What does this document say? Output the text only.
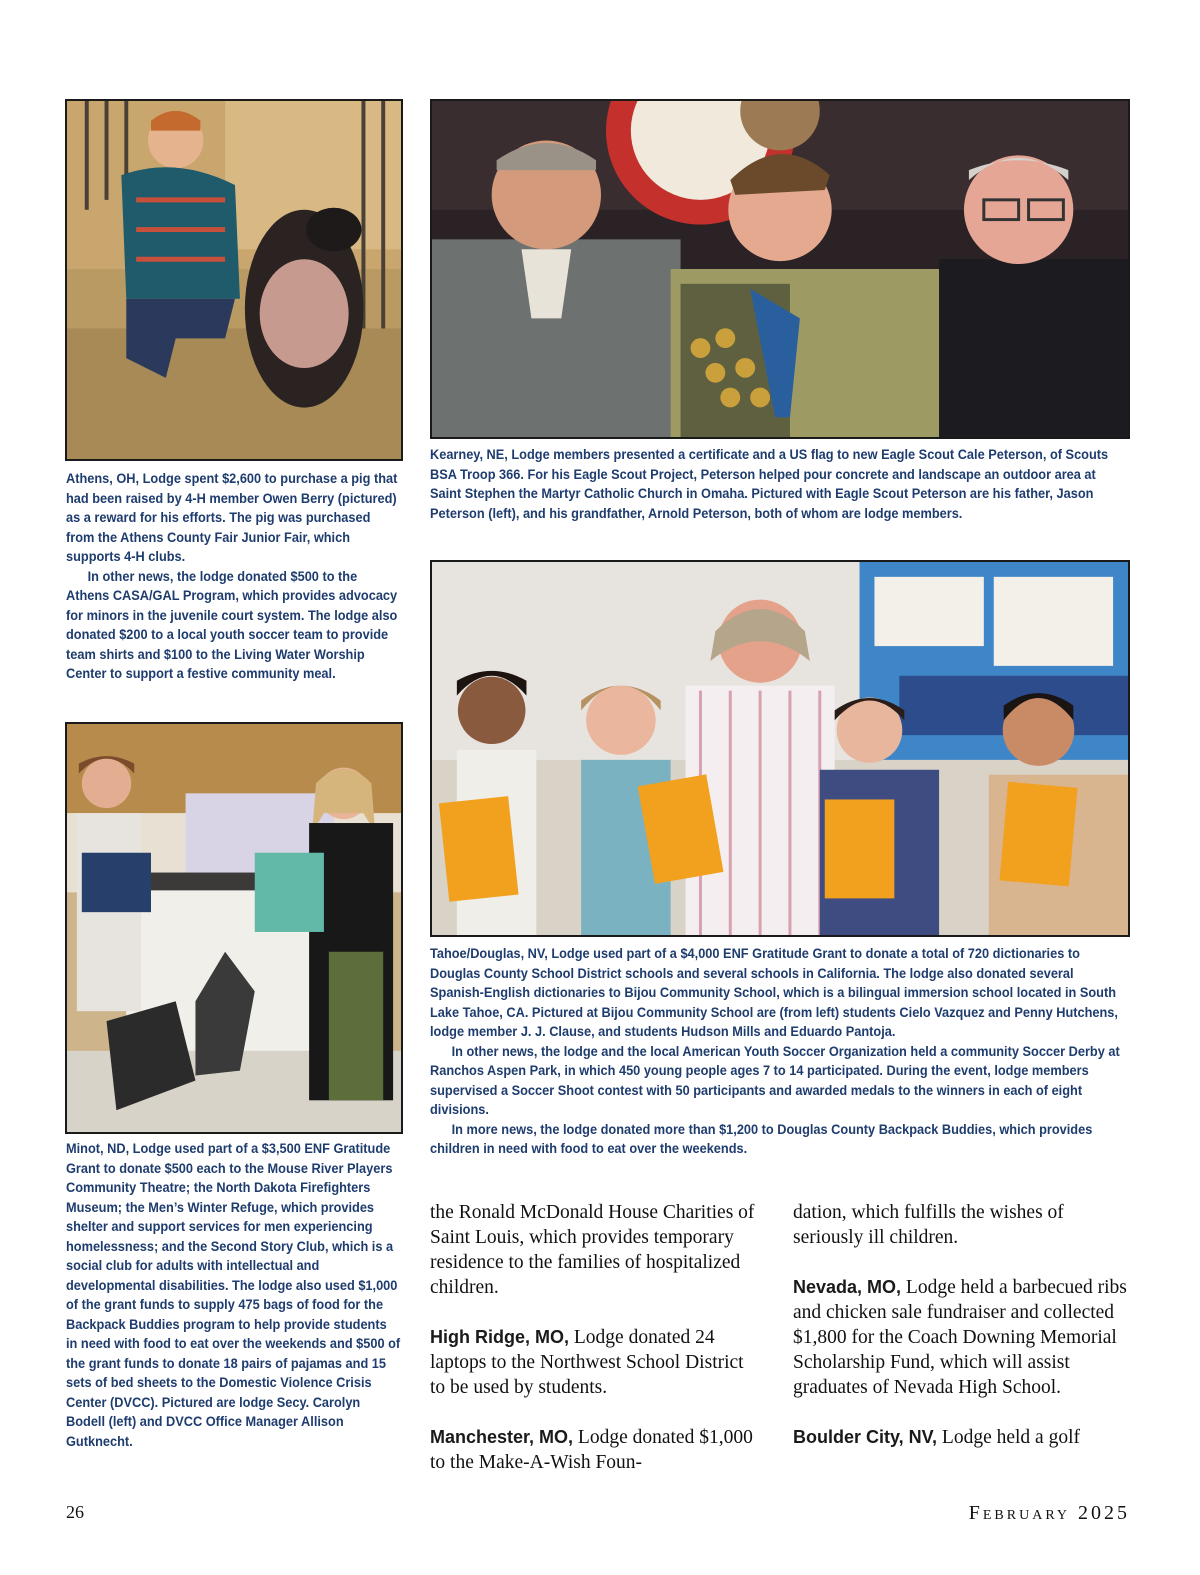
Athens, OH, Lodge spent $2,600 to purchase a pig that had been raised by 4-H member Owen Berry (pictured) as a reward for his efforts. The pig was purchased from the Athens County Fair Junior Fair, which supports 4-H clubs.

In other news, the lodge donated $500 to the Athens CASA/GAL Program, which provides advocacy for minors in the juvenile court system. The lodge also donated $200 to a local youth soccer team to provide team shirts and $100 to the Living Water Worship Center to support a festive community meal.

Kearney, NE, Lodge members presented a certificate and a US flag to new Eagle Scout Cale Peterson, of Scouts BSA Troop 366. For his Eagle Scout Project, Peterson helped pour concrete and landscape an outdoor area at Saint Stephen the Martyr Catholic Church in Omaha. Pictured with Eagle Scout Peterson are his father, Jason Peterson (left), and his grandfather, Arnold Peterson, both of whom are lodge members.

Tahoe/Douglas, NV, Lodge used part of a $4,000 ENF Gratitude Grant to donate a total of 720 dictionaries to Douglas County School District schools and several schools in California. The lodge also donated several Spanish-English dictionaries to Bijou Community School, which is a bilingual immersion school located in South Lake Tahoe, CA. Pictured at Bijou Community School are (from left) students Cielo Vazquez and Penny Hutchens, lodge member J. J. Clause, and students Hudson Mills and Eduardo Pantoja.

In other news, the lodge and the local American Youth Soccer Organization held a community Soccer Derby at Ranchos Aspen Park, in which 450 young people ages 7 to 14 participated. During the event, lodge members supervised a Soccer Shoot contest with 50 participants and awarded medals to the winners in each of eight divisions.

In more news, the lodge donated more than $1,200 to Douglas County Backpack Buddies, which provides children in need with food to eat over the weekends.

Minot, ND, Lodge used part of a $3,500 ENF Gratitude Grant to donate $500 each to the Mouse River Players Community Theatre; the North Dakota Firefighters Museum; the Men’s Winter Refuge, which provides shelter and support services for men experiencing homelessness; and the Second Story Club, which is a social club for adults with intellectual and developmental disabilities. The lodge also used $1,000 of the grant funds to supply 475 bags of food for the Backpack Buddies program to help provide students in need with food to eat over the weekends and $500 of the grant funds to donate 18 pairs of pajamas and 15 sets of bed sheets to the Domestic Violence Crisis Center (DVCC). Pictured are lodge Secy. Carolyn Bodell (left) and DVCC Office Manager Allison Gutknecht.

the Ronald McDonald House Charities of Saint Louis, which provides temporary residence to the families of hospitalized children.

High Ridge, MO, Lodge donated 24 laptops to the Northwest School District to be used by students.

Manchester, MO, Lodge donated $1,000 to the Make-A-Wish Foun-

dation, which fulfills the wishes of seriously ill children.

Nevada, MO, Lodge held a barbecued ribs and chicken sale fundraiser and collected $1,800 for the Coach Downing Memorial Scholarship Fund, which will assist graduates of Nevada High School.

Boulder City, NV, Lodge held a golf

26	February 2025
